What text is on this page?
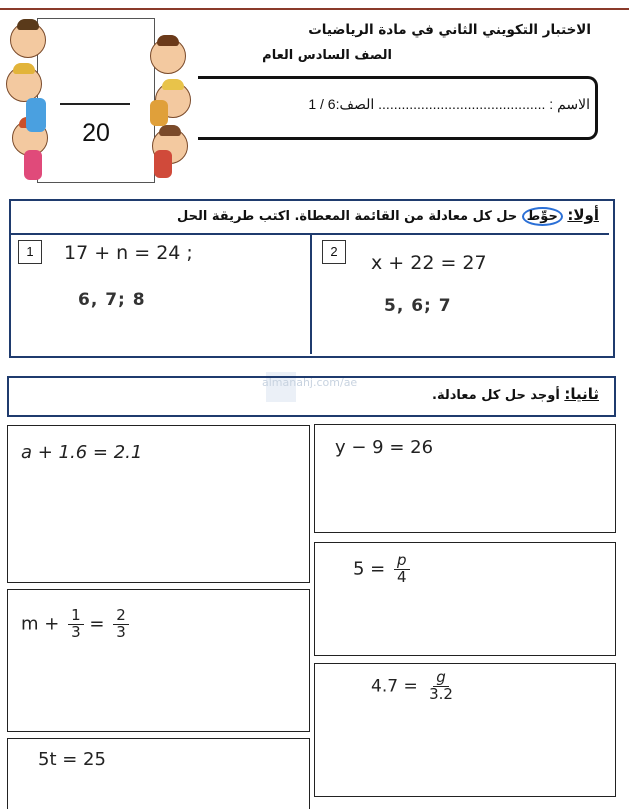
20
الاختبار التكويني الثاني في مادة الرياضيات
الصف السادس العام
الاسم : ........................................... الصف:6 / 1
أولا: حوِّط حل كل معادلة من القائمة المعطاة. اكتب طريقة الحل
1	17 + n = 24 ;
6, 7; 8
2
x + 22 = 27
5, 6; 7
almanahj.com/ae
ثانيا: أوجد حل كل معادلة.
a + 1.6 = 2.1
$m + \frac{1}{3} = \frac{2}{3}$
5t = 25
y − 9 = 26
$5 = \frac{p}{4}$
$4.7 = \frac{g}{3.2}$
